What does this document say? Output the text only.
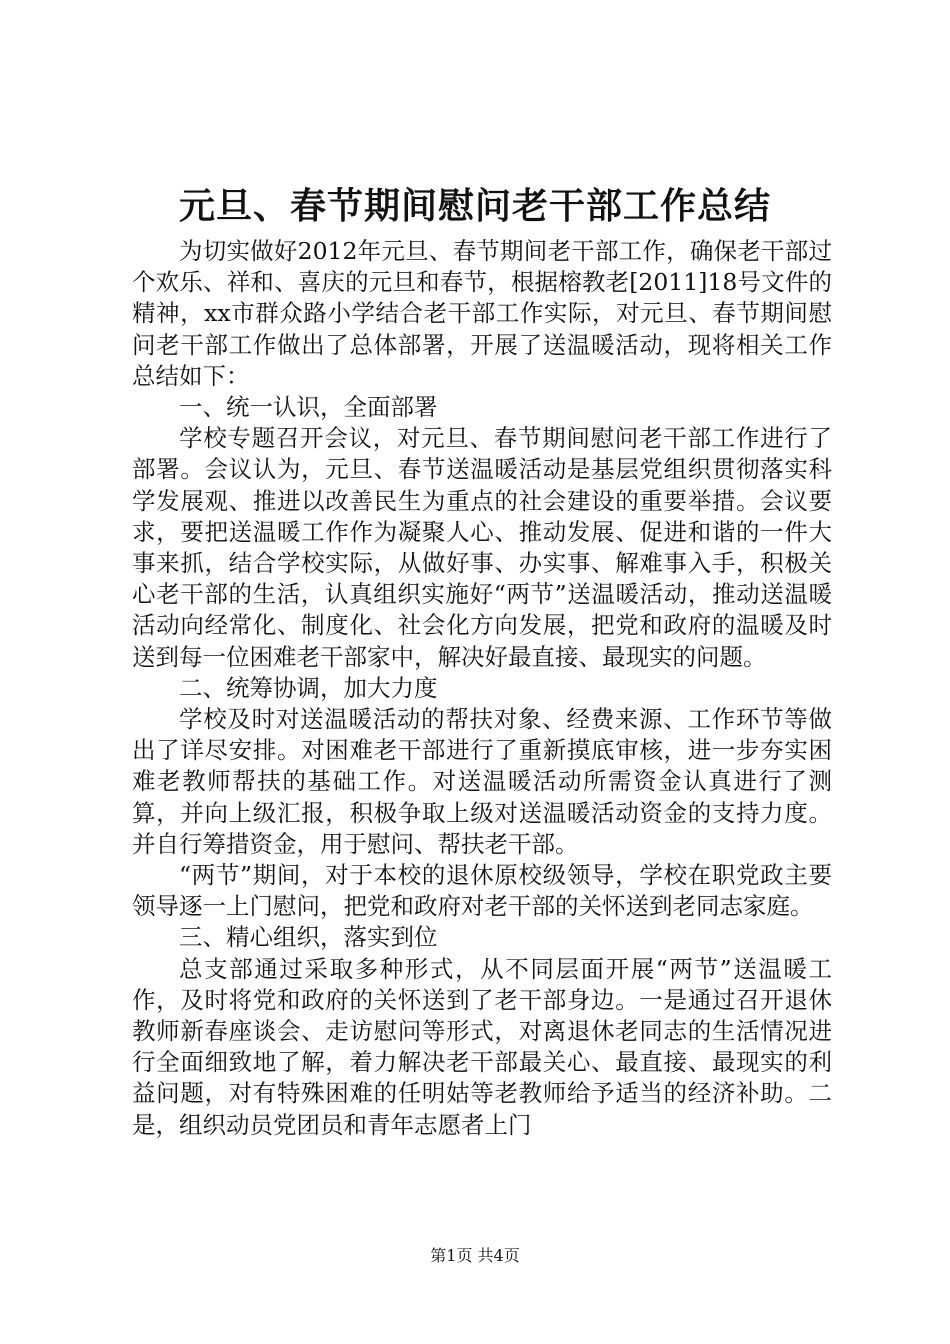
元旦、春节期间慰问老干部工作总结

为切实做好2012年元旦、春节期间老干部工作，确保老干部过个欢乐、祥和、喜庆的元旦和春节，根据榕教老[2011]18号文件的精神，xx市群众路小学结合老干部工作实际，对元旦、春节期间慰问老干部工作做出了总体部署，开展了送温暖活动，现将相关工作总结如下：

一、统一认识，全面部署

学校专题召开会议，对元旦、春节期间慰问老干部工作进行了部署。会议认为，元旦、春节送温暖活动是基层党组织贯彻落实科学发展观、推进以改善民生为重点的社会建设的重要举措。会议要求，要把送温暖工作作为凝聚人心、推动发展、促进和谐的一件大事来抓，结合学校实际，从做好事、办实事、解难事入手，积极关心老干部的生活，认真组织实施好“两节”送温暖活动，推动送温暖活动向经常化、制度化、社会化方向发展，把党和政府的温暖及时送到每一位困难老干部家中，解决好最直接、最现实的问题。

二、统筹协调，加大力度

学校及时对送温暖活动的帮扶对象、经费来源、工作环节等做出了详尽安排。对困难老干部进行了重新摸底审核，进一步夯实困难老教师帮扶的基础工作。对送温暖活动所需资金认真进行了测算，并向上级汇报，积极争取上级对送温暖活动资金的支持力度。并自行筹措资金，用于慰问、帮扶老干部。

“两节”期间，对于本校的退休原校级领导，学校在职党政主要领导逐一上门慰问，把党和政府对老干部的关怀送到老同志家庭。

三、精心组织，落实到位

总支部通过采取多种形式，从不同层面开展“两节”送温暖工作，及时将党和政府的关怀送到了老干部身边。一是通过召开退休教师新春座谈会、走访慰问等形式，对离退休老同志的生活情况进行全面细致地了解，着力解决老干部最关心、最直接、最现实的利益问题，对有特殊困难的任明姑等老教师给予适当的经济补助。二是，组织动员党团员和青年志愿者上门

第1页 共4页
